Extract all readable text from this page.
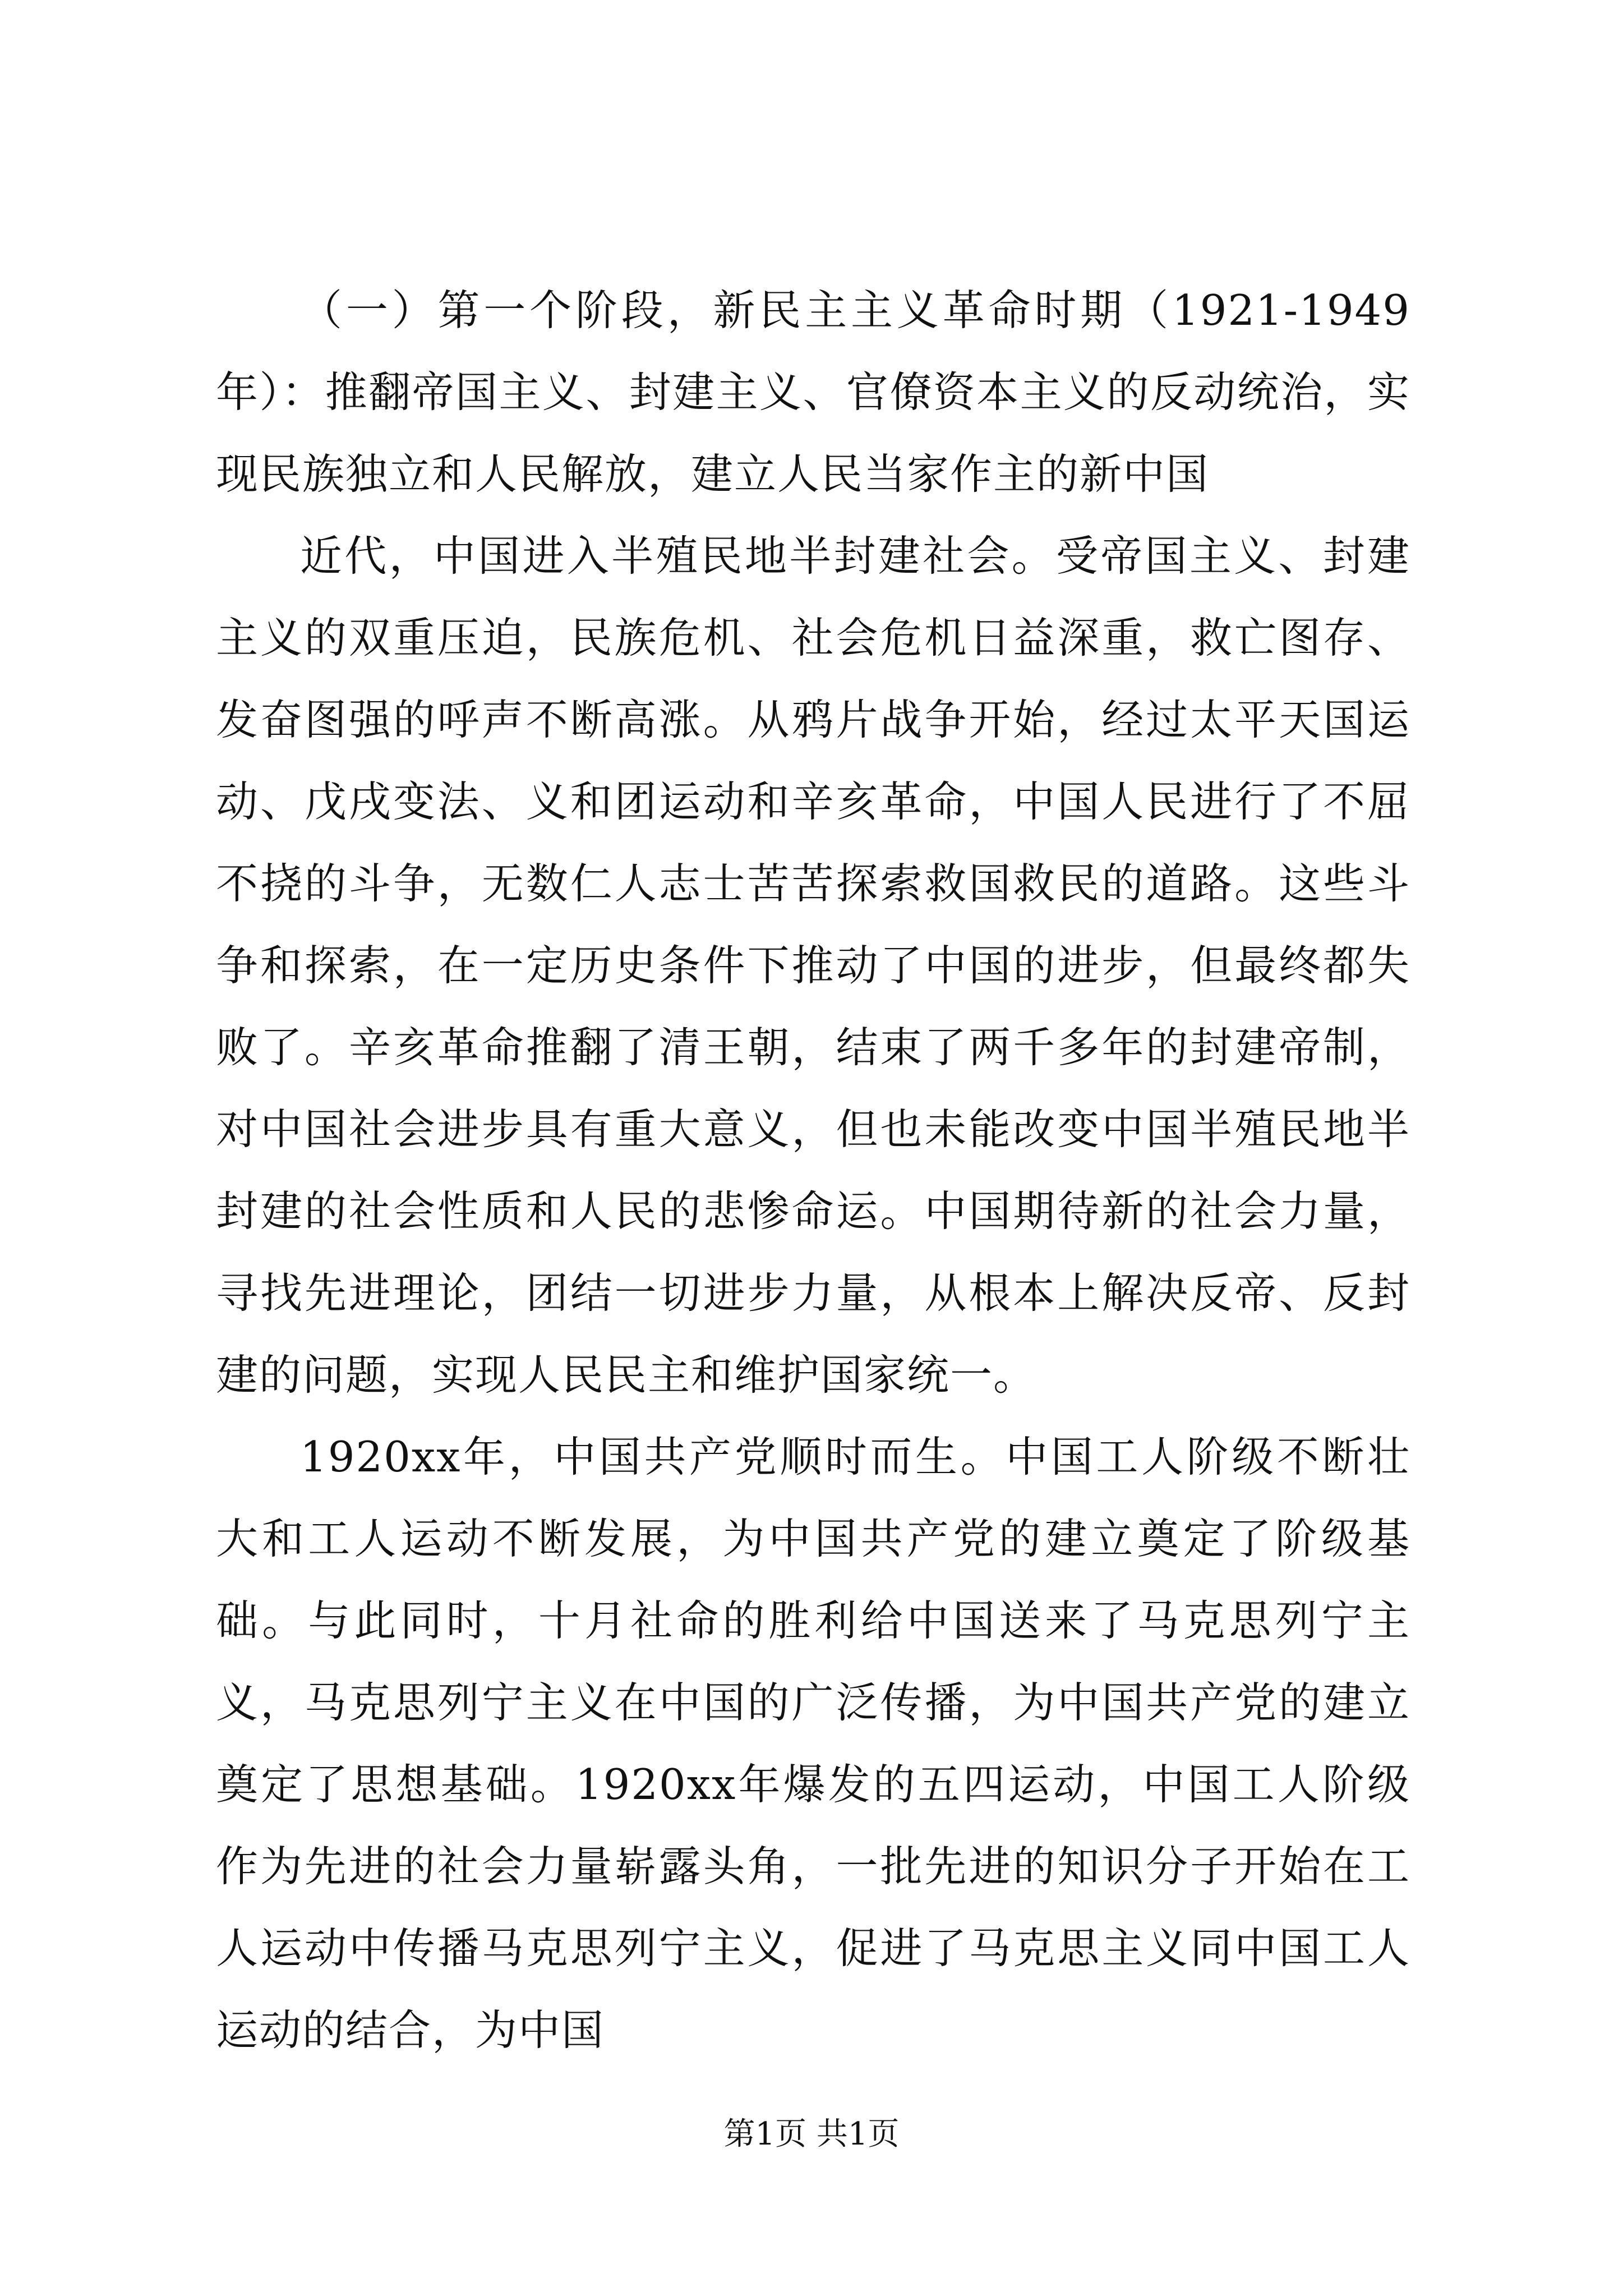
（一）第一个阶段，新民主主义革命时期（1921-1949年）：推翻帝国主义、封建主义、官僚资本主义的反动统治，实现民族独立和人民解放，建立人民当家作主的新中国

近代，中国进入半殖民地半封建社会。受帝国主义、封建主义的双重压迫，民族危机、社会危机日益深重，救亡图存、发奋图强的呼声不断高涨。从鸦片战争开始，经过太平天国运动、戊戌变法、义和团运动和辛亥革命，中国人民进行了不屈不挠的斗争，无数仁人志士苦苦探索救国救民的道路。这些斗争和探索，在一定历史条件下推动了中国的进步，但最终都失败了。辛亥革命推翻了清王朝，结束了两千多年的封建帝制，对中国社会进步具有重大意义，但也未能改变中国半殖民地半封建的社会性质和人民的悲惨命运。中国期待新的社会力量，寻找先进理论，团结一切进步力量，从根本上解决反帝、反封建的问题，实现人民民主和维护国家统一。

1920xx年，中国共产党顺时而生。中国工人阶级不断壮大和工人运动不断发展，为中国共产党的建立奠定了阶级基础。与此同时，十月社命的胜利给中国送来了马克思列宁主义，马克思列宁主义在中国的广泛传播，为中国共产党的建立奠定了思想基础。1920xx年爆发的五四运动，中国工人阶级作为先进的社会力量崭露头角，一批先进的知识分子开始在工人运动中传播马克思列宁主义，促进了马克思主义同中国工人运动的结合，为中国

第1页 共1页
